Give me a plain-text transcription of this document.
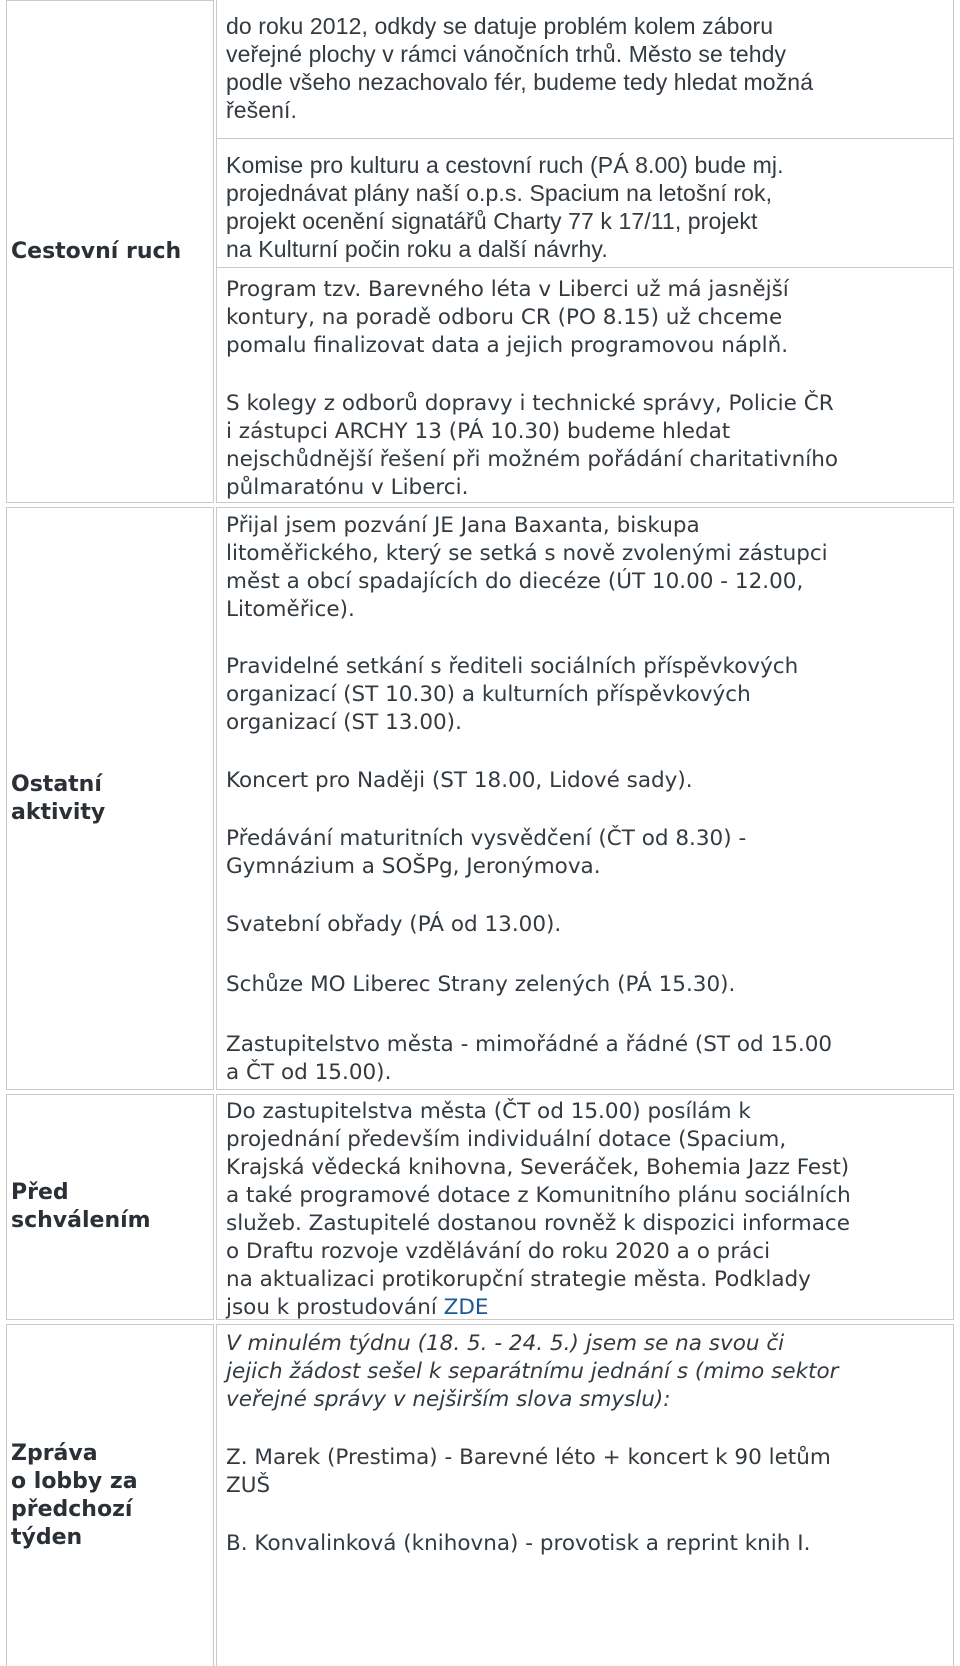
Cestovní ruch

do roku 2012, odkdy se datuje problém kolem záboru
veřejné plochy v rámci vánočních trhů. Město se tehdy
podle všeho nezachovalo fér, budeme tedy hledat možná
řešení.

Komise pro kulturu a cestovní ruch (PÁ 8.00) bude mj.
projednávat plány naší o.p.s. Spacium na letošní rok,
projekt ocenění signatářů Charty 77 k 17/11, projekt
na Kulturní počin roku a další návrhy.

Program tzv. Barevného léta v Liberci už má jasnější
kontury, na poradě odboru CR (PO 8.15) už chceme
pomalu finalizovat data a jejich programovou náplň.

S kolegy z odborů dopravy i technické správy, Policie ČR
i zástupci ARCHY 13 (PÁ 10.30) budeme hledat
nejschůdnější řešení při možném pořádání charitativního
půlmaratónu v Liberci.

Ostatní
aktivity

Přijal jsem pozvání JE Jana Baxanta, biskupa
litoměřického, který se setká s nově zvolenými zástupci
měst a obcí spadajících do diecéze (ÚT 10.00 - 12.00,
Litoměřice).

Pravidelné setkání s řediteli sociálních příspěvkových
organizací (ST 10.30) a kulturních příspěvkových
organizací (ST 13.00).

Koncert pro Naději (ST 18.00, Lidové sady).

Předávání maturitních vysvědčení (ČT od 8.30) -
Gymnázium a SOŠPg, Jeronýmova.

Svatební obřady (PÁ od 13.00).

Schůze MO Liberec Strany zelených (PÁ 15.30).

Zastupitelstvo města - mimořádné a řádné (ST od 15.00
a ČT od 15.00).

Před
schválením

Do zastupitelstva města (ČT od 15.00) posílám k
projednání především individuální dotace (Spacium,
Krajská vědecká knihovna, Severáček, Bohemia Jazz Fest)
a také programové dotace z Komunitního plánu sociálních
služeb. Zastupitelé dostanou rovněž k dispozici informace
o Draftu rozvoje vzdělávání do roku 2020 a o práci
na aktualizaci protikorupční strategie města. Podklady
jsou k prostudování ZDE

Zpráva
o lobby za
předchozí
týden

V minulém týdnu (18. 5. - 24. 5.) jsem se na svou či
jejich žádost sešel k separátnímu jednání s (mimo sektor
veřejné správy v nejširším slova smyslu):

Z. Marek (Prestima) - Barevné léto + koncert k 90 letům
ZUŠ

B. Konvalinková (knihovna) - provotisk a reprint knih I.
